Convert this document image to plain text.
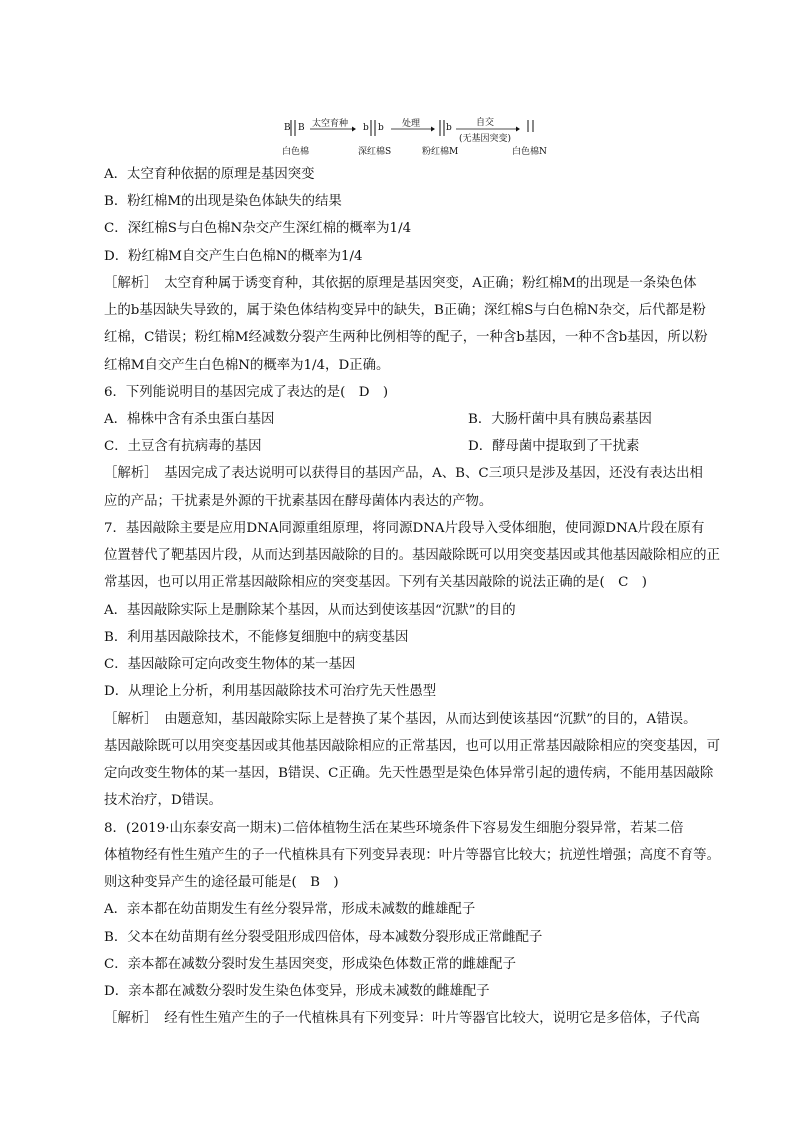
B B 太空育种 b b 处理	b	自交
(无基因突变)
白色棉	深红棉S	粉红棉M	白色棉N
A．太空育种依据的原理是基因突变
B．粉红棉M的出现是染色体缺失的结果
C．深红棉S与白色棉N杂交产生深红棉的概率为1/4
D．粉红棉M自交产生白色棉N的概率为1/4
［解析］　太空育种属于诱变育种，其依据的原理是基因突变，A正确；粉红棉M的出现是一条染色体
上的b基因缺失导致的，属于染色体结构变异中的缺失，B正确；深红棉S与白色棉N杂交，后代都是粉
红棉，C错误；粉红棉M经减数分裂产生两种比例相等的配子，一种含b基因，一种不含b基因，所以粉
红棉M自交产生白色棉N的概率为1/4，D正确。
6．下列能说明目的基因完成了表达的是(　D　)
A．棉株中含有杀虫蛋白基因	B．大肠杆菌中具有胰岛素基因
C．土豆含有抗病毒的基因	D．酵母菌中提取到了干扰素
［解析］　基因完成了表达说明可以获得目的基因产品，A、B、C三项只是涉及基因，还没有表达出相
应的产品；干扰素是外源的干扰素基因在酵母菌体内表达的产物。
7．基因敲除主要是应用DNA同源重组原理，将同源DNA片段导入受体细胞，使同源DNA片段在原有
位置替代了靶基因片段，从而达到基因敲除的目的。基因敲除既可以用突变基因或其他基因敲除相应的正
常基因，也可以用正常基因敲除相应的突变基因。下列有关基因敲除的说法正确的是(　C　)
A．基因敲除实际上是删除某个基因，从而达到使该基因“沉默”的目的
B．利用基因敲除技术，不能修复细胞中的病变基因
C．基因敲除可定向改变生物体的某一基因
D．从理论上分析，利用基因敲除技术可治疗先天性愚型
［解析］　由题意知，基因敲除实际上是替换了某个基因，从而达到使该基因“沉默”的目的，A错误。
基因敲除既可以用突变基因或其他基因敲除相应的正常基因，也可以用正常基因敲除相应的突变基因，可
定向改变生物体的某一基因，B错误、C正确。先天性愚型是染色体异常引起的遗传病，不能用基因敲除
技术治疗，D错误。
8．(2019·山东泰安高一期末)二倍体植物生活在某些环境条件下容易发生细胞分裂异常，若某二倍
体植物经有性生殖产生的子一代植株具有下列变异表现：叶片等器官比较大；抗逆性增强；高度不育等。
则这种变异产生的途径最可能是(　B　)
A．亲本都在幼苗期发生有丝分裂异常，形成未减数的雌雄配子
B．父本在幼苗期有丝分裂受阻形成四倍体，母本减数分裂形成正常雌配子
C．亲本都在减数分裂时发生基因突变，形成染色体数正常的雌雄配子
D．亲本都在减数分裂时发生染色体变异，形成未减数的雌雄配子
［解析］　经有性生殖产生的子一代植株具有下列变异：叶片等器官比较大，说明它是多倍体，子代高
